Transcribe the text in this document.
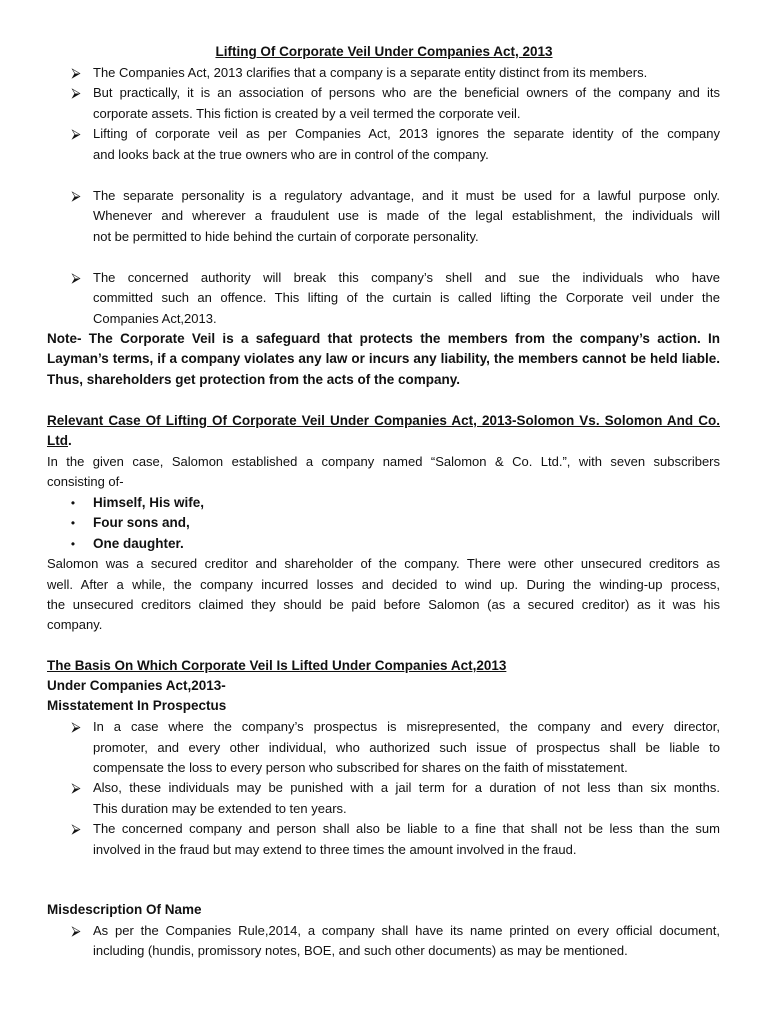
Lifting Of Corporate Veil Under Companies Act, 2013
⮚ The Companies Act, 2013 clarifies that a company is a separate entity distinct from its members.
⮚ But practically, it is an association of persons who are the beneficial owners of the company and its
corporate assets. This fiction is created by a veil termed the corporate veil.
⮚ Lifting of corporate veil as per Companies Act, 2013 ignores the separate identity of the company
and looks back at the true owners who are in control of the company.
⮚ The separate personality is a regulatory advantage, and it must be used for a lawful purpose only.
Whenever and wherever a fraudulent use is made of the legal establishment, the individuals will
not be permitted to hide behind the curtain of corporate personality.
⮚ The concerned authority will break this company’s shell and sue the individuals who have
committed such an offence. This lifting of the curtain is called lifting the Corporate veil under the
Companies Act,2013.
Note- The Corporate Veil is a safeguard that protects the members from the company’s action. In
Layman’s terms, if a company violates any law or incurs any liability, the members cannot be held liable.
Thus, shareholders get protection from the acts of the company.
Relevant Case Of Lifting Of Corporate Veil Under Companies Act, 2013-Solomon Vs. Solomon And Co.
Ltd.
In the given case, Salomon established a company named “Salomon & Co. Ltd.”, with seven subscribers
consisting of-
• Himself, His wife,
• Four sons and,
• One daughter.
Salomon was a secured creditor and shareholder of the company. There were other unsecured creditors as
well. After a while, the company incurred losses and decided to wind up. During the winding-up process,
the unsecured creditors claimed they should be paid before Salomon (as a secured creditor) as it was his
company.
The Basis On Which Corporate Veil Is Lifted Under Companies Act,2013
Under Companies Act,2013-
Misstatement In Prospectus
⮚ In a case where the company’s prospectus is misrepresented, the company and every director,
promoter, and every other individual, who authorized such issue of prospectus shall be liable to
compensate the loss to every person who subscribed for shares on the faith of misstatement.
⮚ Also, these individuals may be punished with a jail term for a duration of not less than six months.
This duration may be extended to ten years.
⮚ The concerned company and person shall also be liable to a fine that shall not be less than the sum
involved in the fraud but may extend to three times the amount involved in the fraud.
Misdescription Of Name
⮚ As per the Companies Rule,2014, a company shall have its name printed on every official document,
including (hundis, promissory notes, BOE, and such other documents) as may be mentioned.
